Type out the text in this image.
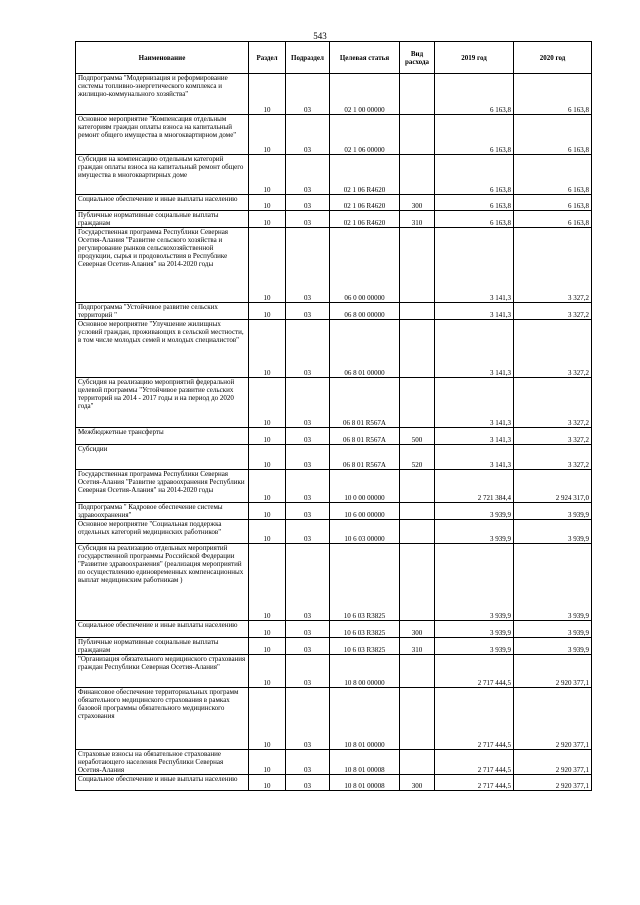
543
Наименование	Раздел	Подраздел	Целевая статья	Вид расхода	2019 год	2020 год
Подпрограмма "Модернизация и реформирование системы топливно-энергетического комплекса и жилищно-коммунального хозяйства"	10	03	02 1 00 00000		6 163,8	6 163,8
Основное мероприятие "Компенсация отдельным категориям граждан оплаты взноса на капитальный ремонт общего имущества в многоквартирном доме"	10	03	02 1 06 00000		6 163,8	6 163,8
Субсидия на компенсацию отдельным категорий граждан оплаты взноса на капитальный ремонт общего имущества в многоквартирных доме	10	03	02 1 06 R4620		6 163,8	6 163,8
Социальное обеспечение и иные выплаты населению	10	03	02 1 06 R4620	300	6 163,8	6 163,8
Публичные нормативные социальные выплаты гражданам	10	03	02 1 06 R4620	310	6 163,8	6 163,8
Государственная программа Республики Северная Осетия-Алания "Развитие сельского хозяйства и регулирование рынков сельскохозяйственной продукции, сырья и продовольствия в Республике Северная Осетия-Алания" на 2014-2020 годы	10	03	06 0 00 00000		3 141,3	3 327,2
Подпрограмма "Устойчивое развитие сельских территорий "	10	03	06 8 00 00000		3 141,3	3 327,2
Основное мероприятие "Улучшение жилищных условий граждан, проживающих в сельской местности, в том числе молодых семей и молодых специалистов"	10	03	06 8 01 00000		3 141,3	3 327,2
Субсидия на реализацию мероприятий федеральной целевой программы "Устойчивое развитие сельских территорий на 2014 - 2017 годы и на период до 2020 года"	10	03	06 8 01 R567A		3 141,3	3 327,2
Межбюджетные трансферты	10	03	06 8 01 R567A	500	3 141,3	3 327,2
Субсидии	10	03	06 8 01 R567A	520	3 141,3	3 327,2
Государственная программа Республики Северная Осетия-Алания "Развитие здравоохранения Республики Северная Осетия-Алания" на 2014-2020 годы	10	03	10 0 00 00000		2 721 384,4	2 924 317,0
Подпрограмма " Кадровое обеспечение системы здравоохранения"	10	03	10 6 00 00000		3 939,9	3 939,9
Основное мероприятие "Социальная поддержка отдельных категорий медицинских работников"	10	03	10 6 03 00000		3 939,9	3 939,9
Субсидия на реализацию отдельных мероприятий государственной программы Российской Федерации "Развитие здравоохранения" (реализация мероприятий по осуществлению единовременных компенсационных выплат медицинским работникам )	10	03	10 6 03 R3825		3 939,9	3 939,9
Социальное обеспечение и иные выплаты населению	10	03	10 6 03 R3825	300	3 939,9	3 939,9
Публичные нормативные социальные выплаты гражданам	10	03	10 6 03 R3825	310	3 939,9	3 939,9
"Организация обязательного медицинского страхования граждан Республики Северная Осетия-Алания"	10	03	10 8 00 00000		2 717 444,5	2 920 377,1
Финансовое обеспечение территориальных программ обязательного медицинского страхования в рамках базовой программы обязательного медицинского страхования	10	03	10 8 01 00000		2 717 444,5	2 920 377,1
Страховые взносы на обязательное страхование неработающего населения Республики Северная Осетия-Алания	10	03	10 8 01 00008		2 717 444,5	2 920 377,1
Социальное обеспечение и иные выплаты населению	10	03	10 8 01 00008	300	2 717 444,5	2 920 377,1
